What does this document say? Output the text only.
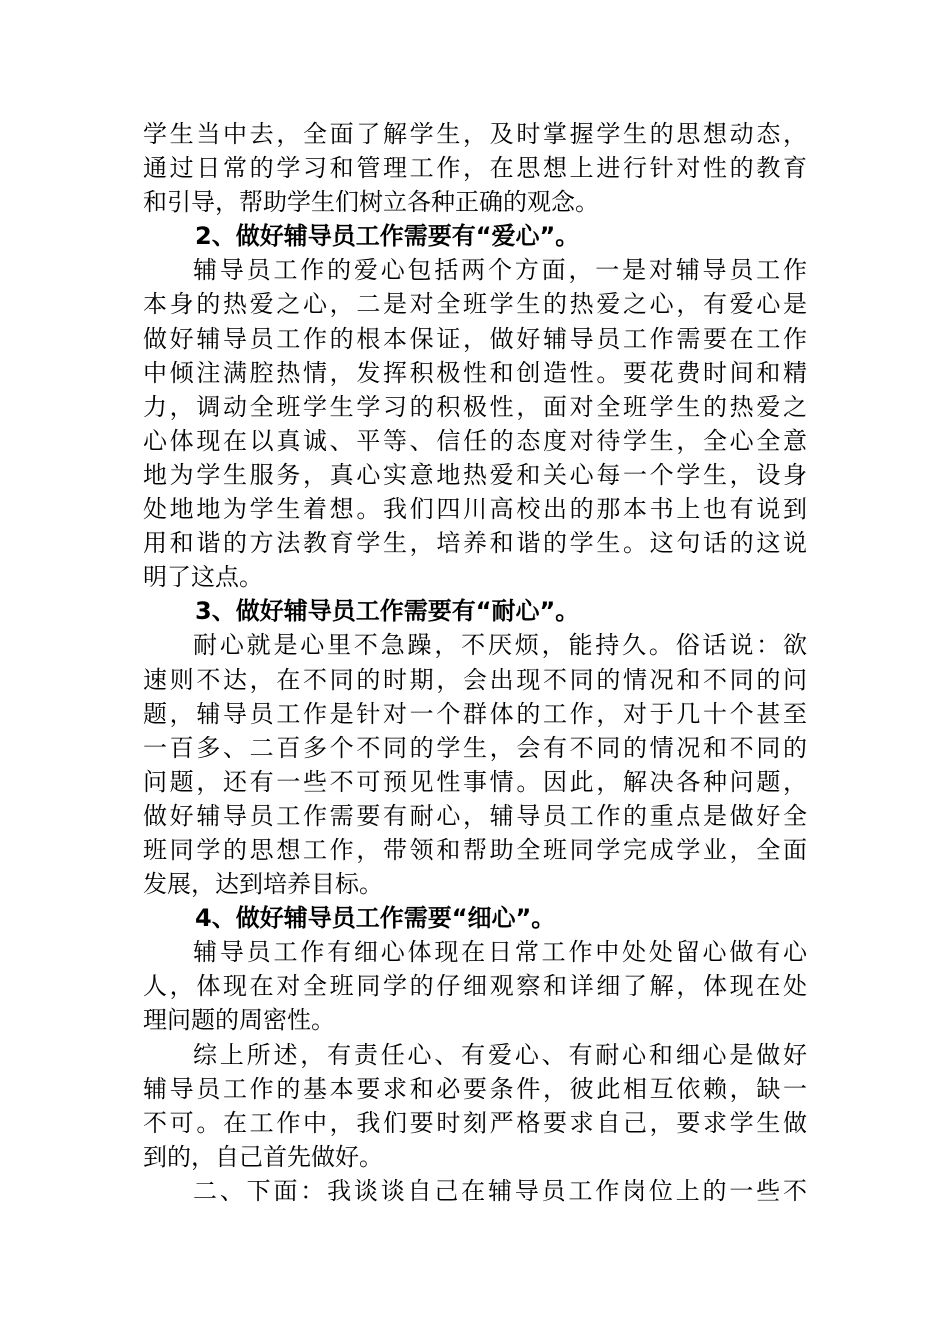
学生当中去，全面了解学生，及时掌握学生的思想动态，
通过日常的学习和管理工作，在思想上进行针对性的教育
和引导，帮助学生们树立各种正确的观念。
2、做好辅导员工作需要有“爱心”。
辅导员工作的爱心包括两个方面，一是对辅导员工作
本身的热爱之心，二是对全班学生的热爱之心，有爱心是
做好辅导员工作的根本保证，做好辅导员工作需要在工作
中倾注满腔热情，发挥积极性和创造性。要花费时间和精
力，调动全班学生学习的积极性，面对全班学生的热爱之
心体现在以真诚、平等、信任的态度对待学生，全心全意
地为学生服务，真心实意地热爱和关心每一个学生，设身
处地地为学生着想。我们四川高校出的那本书上也有说到
用和谐的方法教育学生，培养和谐的学生。这句话的这说
明了这点。
3、做好辅导员工作需要有“耐心”。
耐心就是心里不急躁，不厌烦，能持久。俗话说：欲
速则不达，在不同的时期，会出现不同的情况和不同的问
题，辅导员工作是针对一个群体的工作，对于几十个甚至
一百多、二百多个不同的学生，会有不同的情况和不同的
问题，还有一些不可预见性事情。因此，解决各种问题，
做好辅导员工作需要有耐心，辅导员工作的重点是做好全
班同学的思想工作，带领和帮助全班同学完成学业，全面
发展，达到培养目标。
4、做好辅导员工作需要“细心”。
辅导员工作有细心体现在日常工作中处处留心做有心
人，体现在对全班同学的仔细观察和详细了解，体现在处
理问题的周密性。
综上所述，有责任心、有爱心、有耐心和细心是做好
辅导员工作的基本要求和必要条件，彼此相互依赖，缺一
不可。在工作中，我们要时刻严格要求自己，要求学生做
到的，自己首先做好。
二、下面：我谈谈自己在辅导员工作岗位上的一些不
